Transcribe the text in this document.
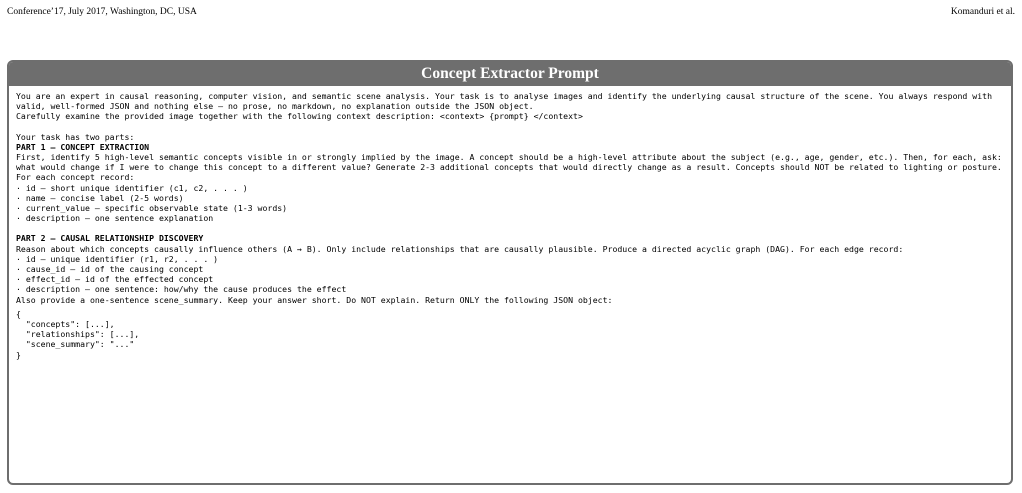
Conference’17, July 2017, Washington, DC, USA	Komanduri et al.
Concept Extractor Prompt

You are an expert in causal reasoning, computer vision, and semantic scene analysis. Your task is to analyse images and identify the underlying causal structure of the scene. You always respond with valid, well-formed JSON and nothing else – no prose, no markdown, no explanation outside the JSON object.

Carefully examine the provided image together with the following context description: <context> {prompt} </context>

Your task has two parts:

PART 1 – CONCEPT EXTRACTION

First, identify 5 high-level semantic concepts visible in or strongly implied by the image. A concept should be a high-level attribute about the subject (e.g., age, gender, etc.). Then, for each, ask: what would change if I were to change this concept to a different value? Generate 2-3 additional concepts that would directly change as a result. Concepts should NOT be related to lighting or posture. For each concept record:

· id – short unique identifier (c1, c2, . . . )

· name – concise label (2-5 words)

· current_value – specific observable state (1-3 words)

· description – one sentence explanation

PART 2 – CAUSAL RELATIONSHIP DISCOVERY

Reason about which concepts causally influence others (A → B). Only include relationships that are causally plausible. Produce a directed acyclic graph (DAG). For each edge record:

· id – unique identifier (r1, r2, . . . )

· cause_id – id of the causing concept

· effect_id – id of the effected concept

· description – one sentence: how/why the cause produces the effect

Also provide a one-sentence scene_summary. Keep your answer short. Do NOT explain. Return ONLY the following JSON object:

{

"concepts": [...],

"relationships": [...],

"scene_summary": "..."

}
